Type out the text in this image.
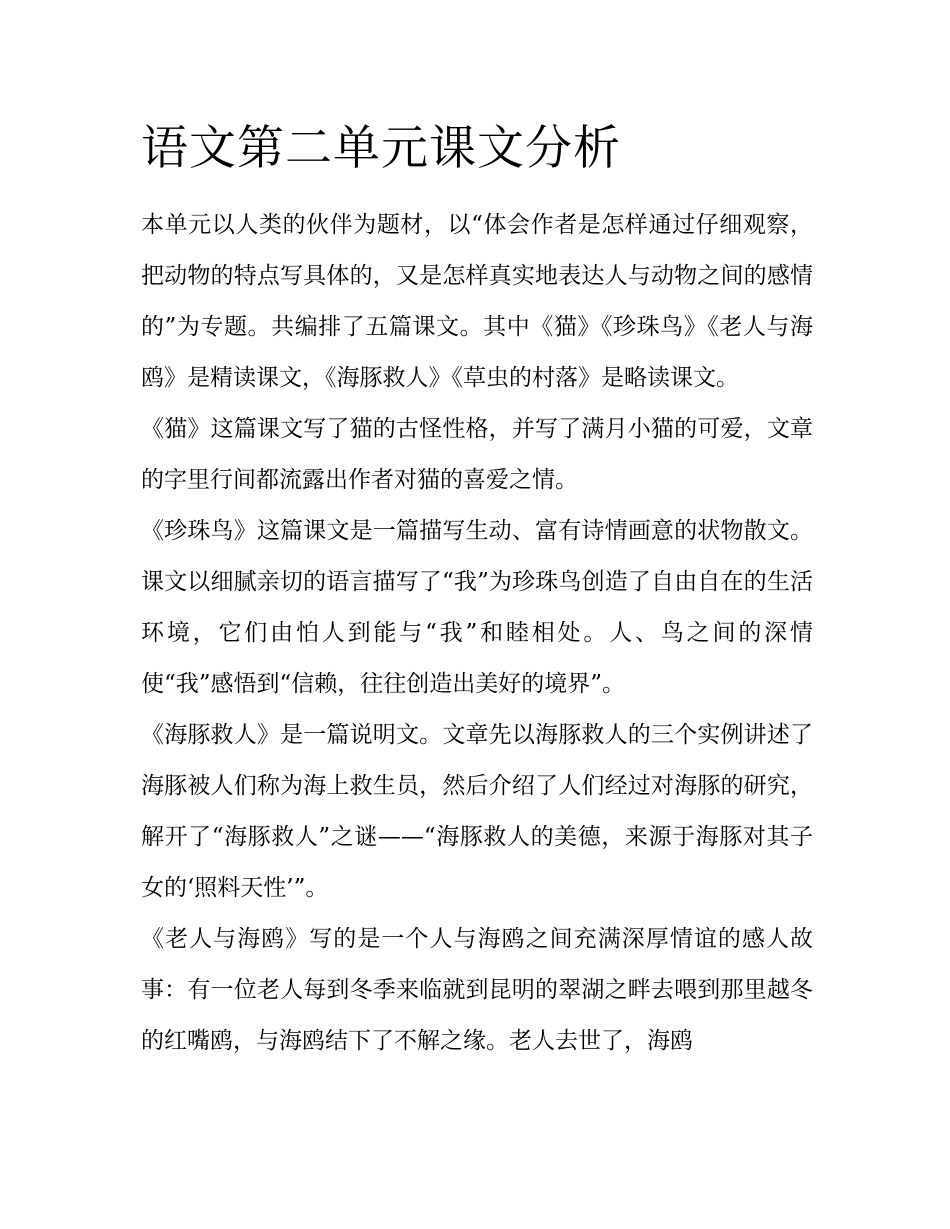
语文第二单元课文分析

本单元以人类的伙伴为题材，以“体会作者是怎样通过仔细观察，把动物的特点写具体的，又是怎样真实地表达人与动物之间的感情的”为专题。共编排了五篇课文。其中《猫》《珍珠鸟》《老人与海鸥》是精读课文，《海豚救人》《草虫的村落》是略读课文。

《猫》这篇课文写了猫的古怪性格，并写了满月小猫的可爱，文章的字里行间都流露出作者对猫的喜爱之情。

《珍珠鸟》这篇课文是一篇描写生动、富有诗情画意的状物散文。课文以细腻亲切的语言描写了“我”为珍珠鸟创造了自由自在的生活环境，它们由怕人到能与“我”和睦相处。人、鸟之间的深情使“我”感悟到“信赖，往往创造出美好的境界”。

《海豚救人》是一篇说明文。文章先以海豚救人的三个实例讲述了海豚被人们称为海上救生员，然后介绍了人们经过对海豚的研究，解开了“海豚救人”之谜——“海豚救人的美德，来源于海豚对其子女的‘照料天性’”。

《老人与海鸥》写的是一个人与海鸥之间充满深厚情谊的感人故事：有一位老人每到冬季来临就到昆明的翠湖之畔去喂到那里越冬的红嘴鸥，与海鸥结下了不解之缘。老人去世了，海鸥
